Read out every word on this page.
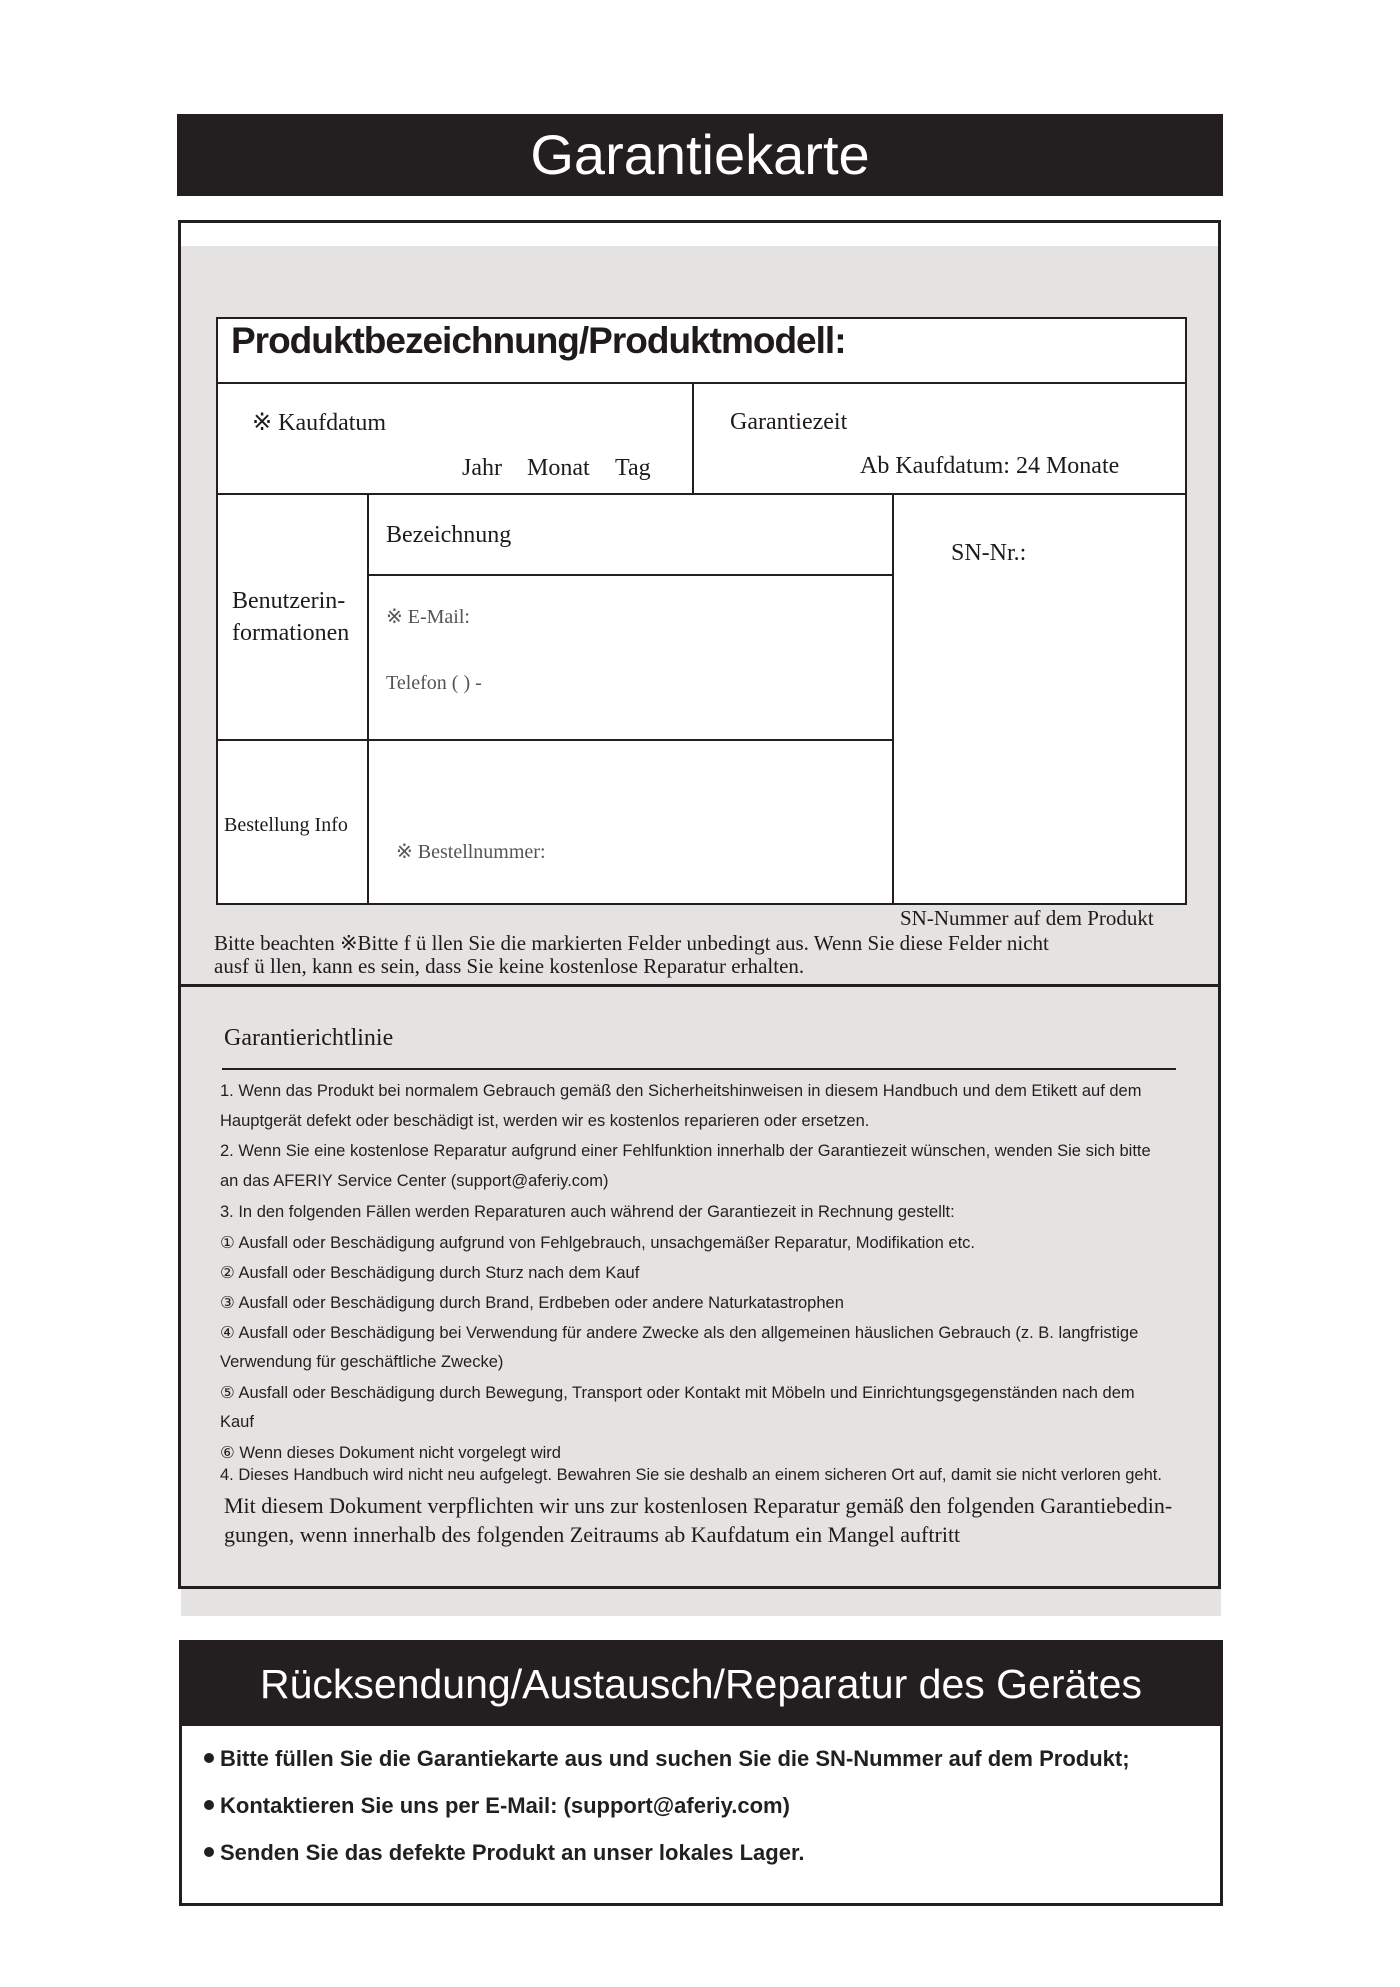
Garantiekarte
Produktbezeichnung/Produktmodell:
※ Kaufdatum
Jahr Monat Tag
Garantiezeit
Ab Kaufdatum: 24 Monate
Benutzerin-
formationen
Bezeichnung
※ E-Mail:
Telefon ( ) -
Bestellung Info
※ Bestellnummer:
SN-Nr.:
SN-Nummer auf dem Produkt
Bitte beachten ※Bitte f ü llen Sie die markierten Felder unbedingt aus. Wenn Sie diese Felder nicht
ausf ü llen, kann es sein, dass Sie keine kostenlose Reparatur erhalten.
Garantierichtlinie
1. Wenn das Produkt bei normalem Gebrauch gemäß den Sicherheitshinweisen in diesem Handbuch und dem Etikett auf dem
Hauptgerät defekt oder beschädigt ist, werden wir es kostenlos reparieren oder ersetzen.
2. Wenn Sie eine kostenlose Reparatur aufgrund einer Fehlfunktion innerhalb der Garantiezeit wünschen, wenden Sie sich bitte
an das AFERIY Service Center (support@aferiy.com)
3. In den folgenden Fällen werden Reparaturen auch während der Garantiezeit in Rechnung gestellt:
① Ausfall oder Beschädigung aufgrund von Fehlgebrauch, unsachgemäßer Reparatur, Modifikation etc.
② Ausfall oder Beschädigung durch Sturz nach dem Kauf
③ Ausfall oder Beschädigung durch Brand, Erdbeben oder andere Naturkatastrophen
④ Ausfall oder Beschädigung bei Verwendung für andere Zwecke als den allgemeinen häuslichen Gebrauch (z. B. langfristige
Verwendung für geschäftliche Zwecke)
⑤ Ausfall oder Beschädigung durch Bewegung, Transport oder Kontakt mit Möbeln und Einrichtungsgegenständen nach dem
Kauf
⑥ Wenn dieses Dokument nicht vorgelegt wird
4. Dieses Handbuch wird nicht neu aufgelegt. Bewahren Sie sie deshalb an einem sicheren Ort auf, damit sie nicht verloren geht.
Mit diesem Dokument verpflichten wir uns zur kostenlosen Reparatur gemäß den folgenden Garantiebedin-
gungen, wenn innerhalb des folgenden Zeitraums ab Kaufdatum ein Mangel auftritt
Rücksendung/Austausch/Reparatur des Gerätes
Bitte füllen Sie die Garantiekarte aus und suchen Sie die SN-Nummer auf dem Produkt;
Kontaktieren Sie uns per E-Mail: (support@aferiy.com)
Senden Sie das defekte Produkt an unser lokales Lager.
